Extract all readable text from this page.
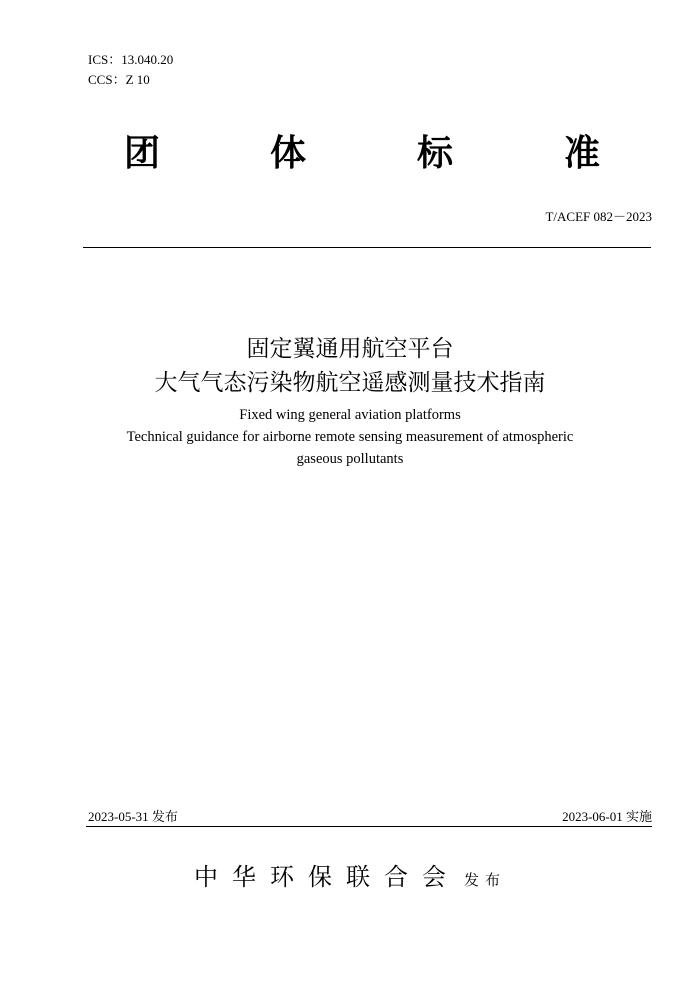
ICS：13.040.20
CCS：Z 10
团	体	标	准
T/ACEF 082－2023

固定翼通用航空平台

大气气态污染物航空遥感测量技术指南

Fixed wing general aviation platforms

Technical guidance for airborne remote sensing measurement of atmospheric

gaseous pollutants

2023-05-31 发布	2023-06-01 实施
中华环保联合会 发布
